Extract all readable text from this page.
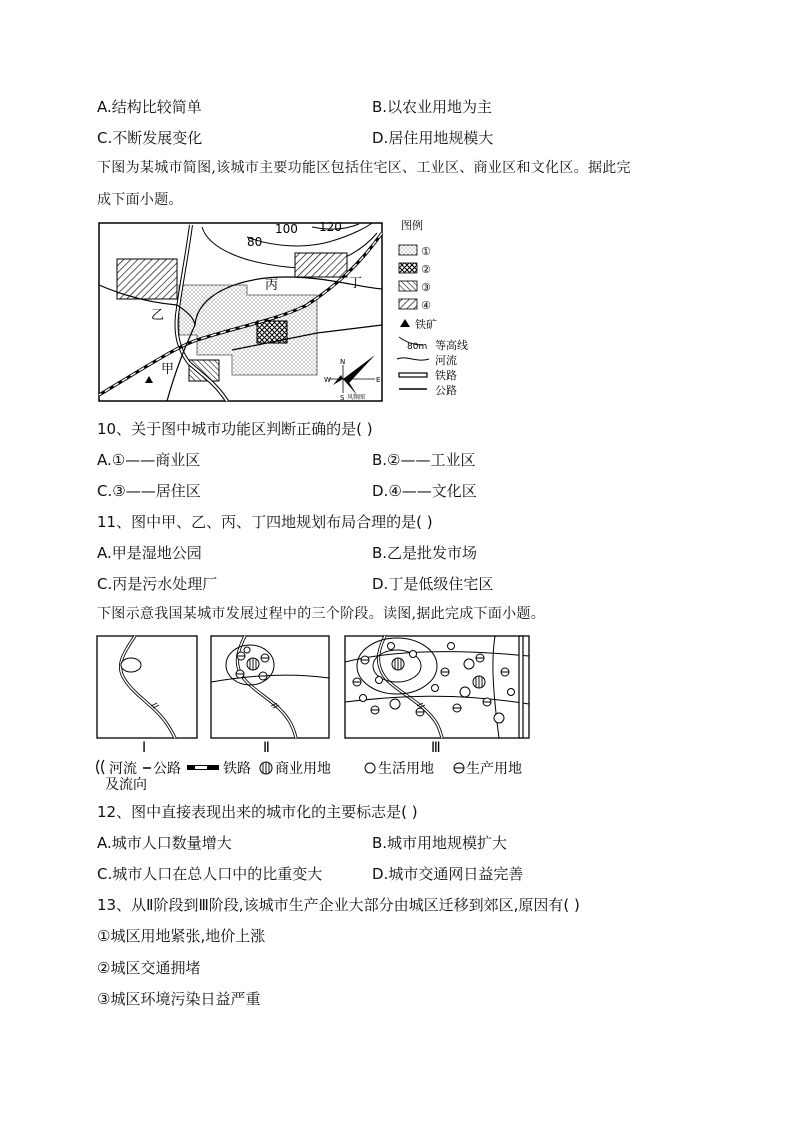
A.结构比较简单	B.以农业用地为主
C.不断发展变化	D.居住用地规模大
下图为某城市简图,该城市主要功能区包括住宅区、工业区、商业区和文化区。据此完
成下面小题。
80
100 120
丙	丁
乙
甲	N
S
E
W
风频图
图例
①
②
③
④
铁矿
80m 等高线
河流
铁路
公路
10、关于图中城市功能区判断正确的是( )
A.①——商业区	B.②——工业区
C.③——居住区	D.④——文化区
11、图中甲、乙、丙、丁四地规划布局合理的是( )
A.甲是湿地公园	B.乙是批发市场
C.丙是污水处理厂	D.丁是低级住宅区
下图示意我国某城市发展过程中的三个阶段。读图,据此完成下面小题。
Ⅰ	Ⅱ	Ⅲ
河流
及流向
公路	铁路 商业用地	生活用地 生产用地
12、图中直接表现出来的城市化的主要标志是( )
A.城市人口数量增大	B.城市用地规模扩大
C.城市人口在总人口中的比重变大	D.城市交通网日益完善
13、从Ⅱ阶段到Ⅲ阶段,该城市生产企业大部分由城区迁移到郊区,原因有( )
①城区用地紧张,地价上涨
②城区交通拥堵
③城区环境污染日益严重
